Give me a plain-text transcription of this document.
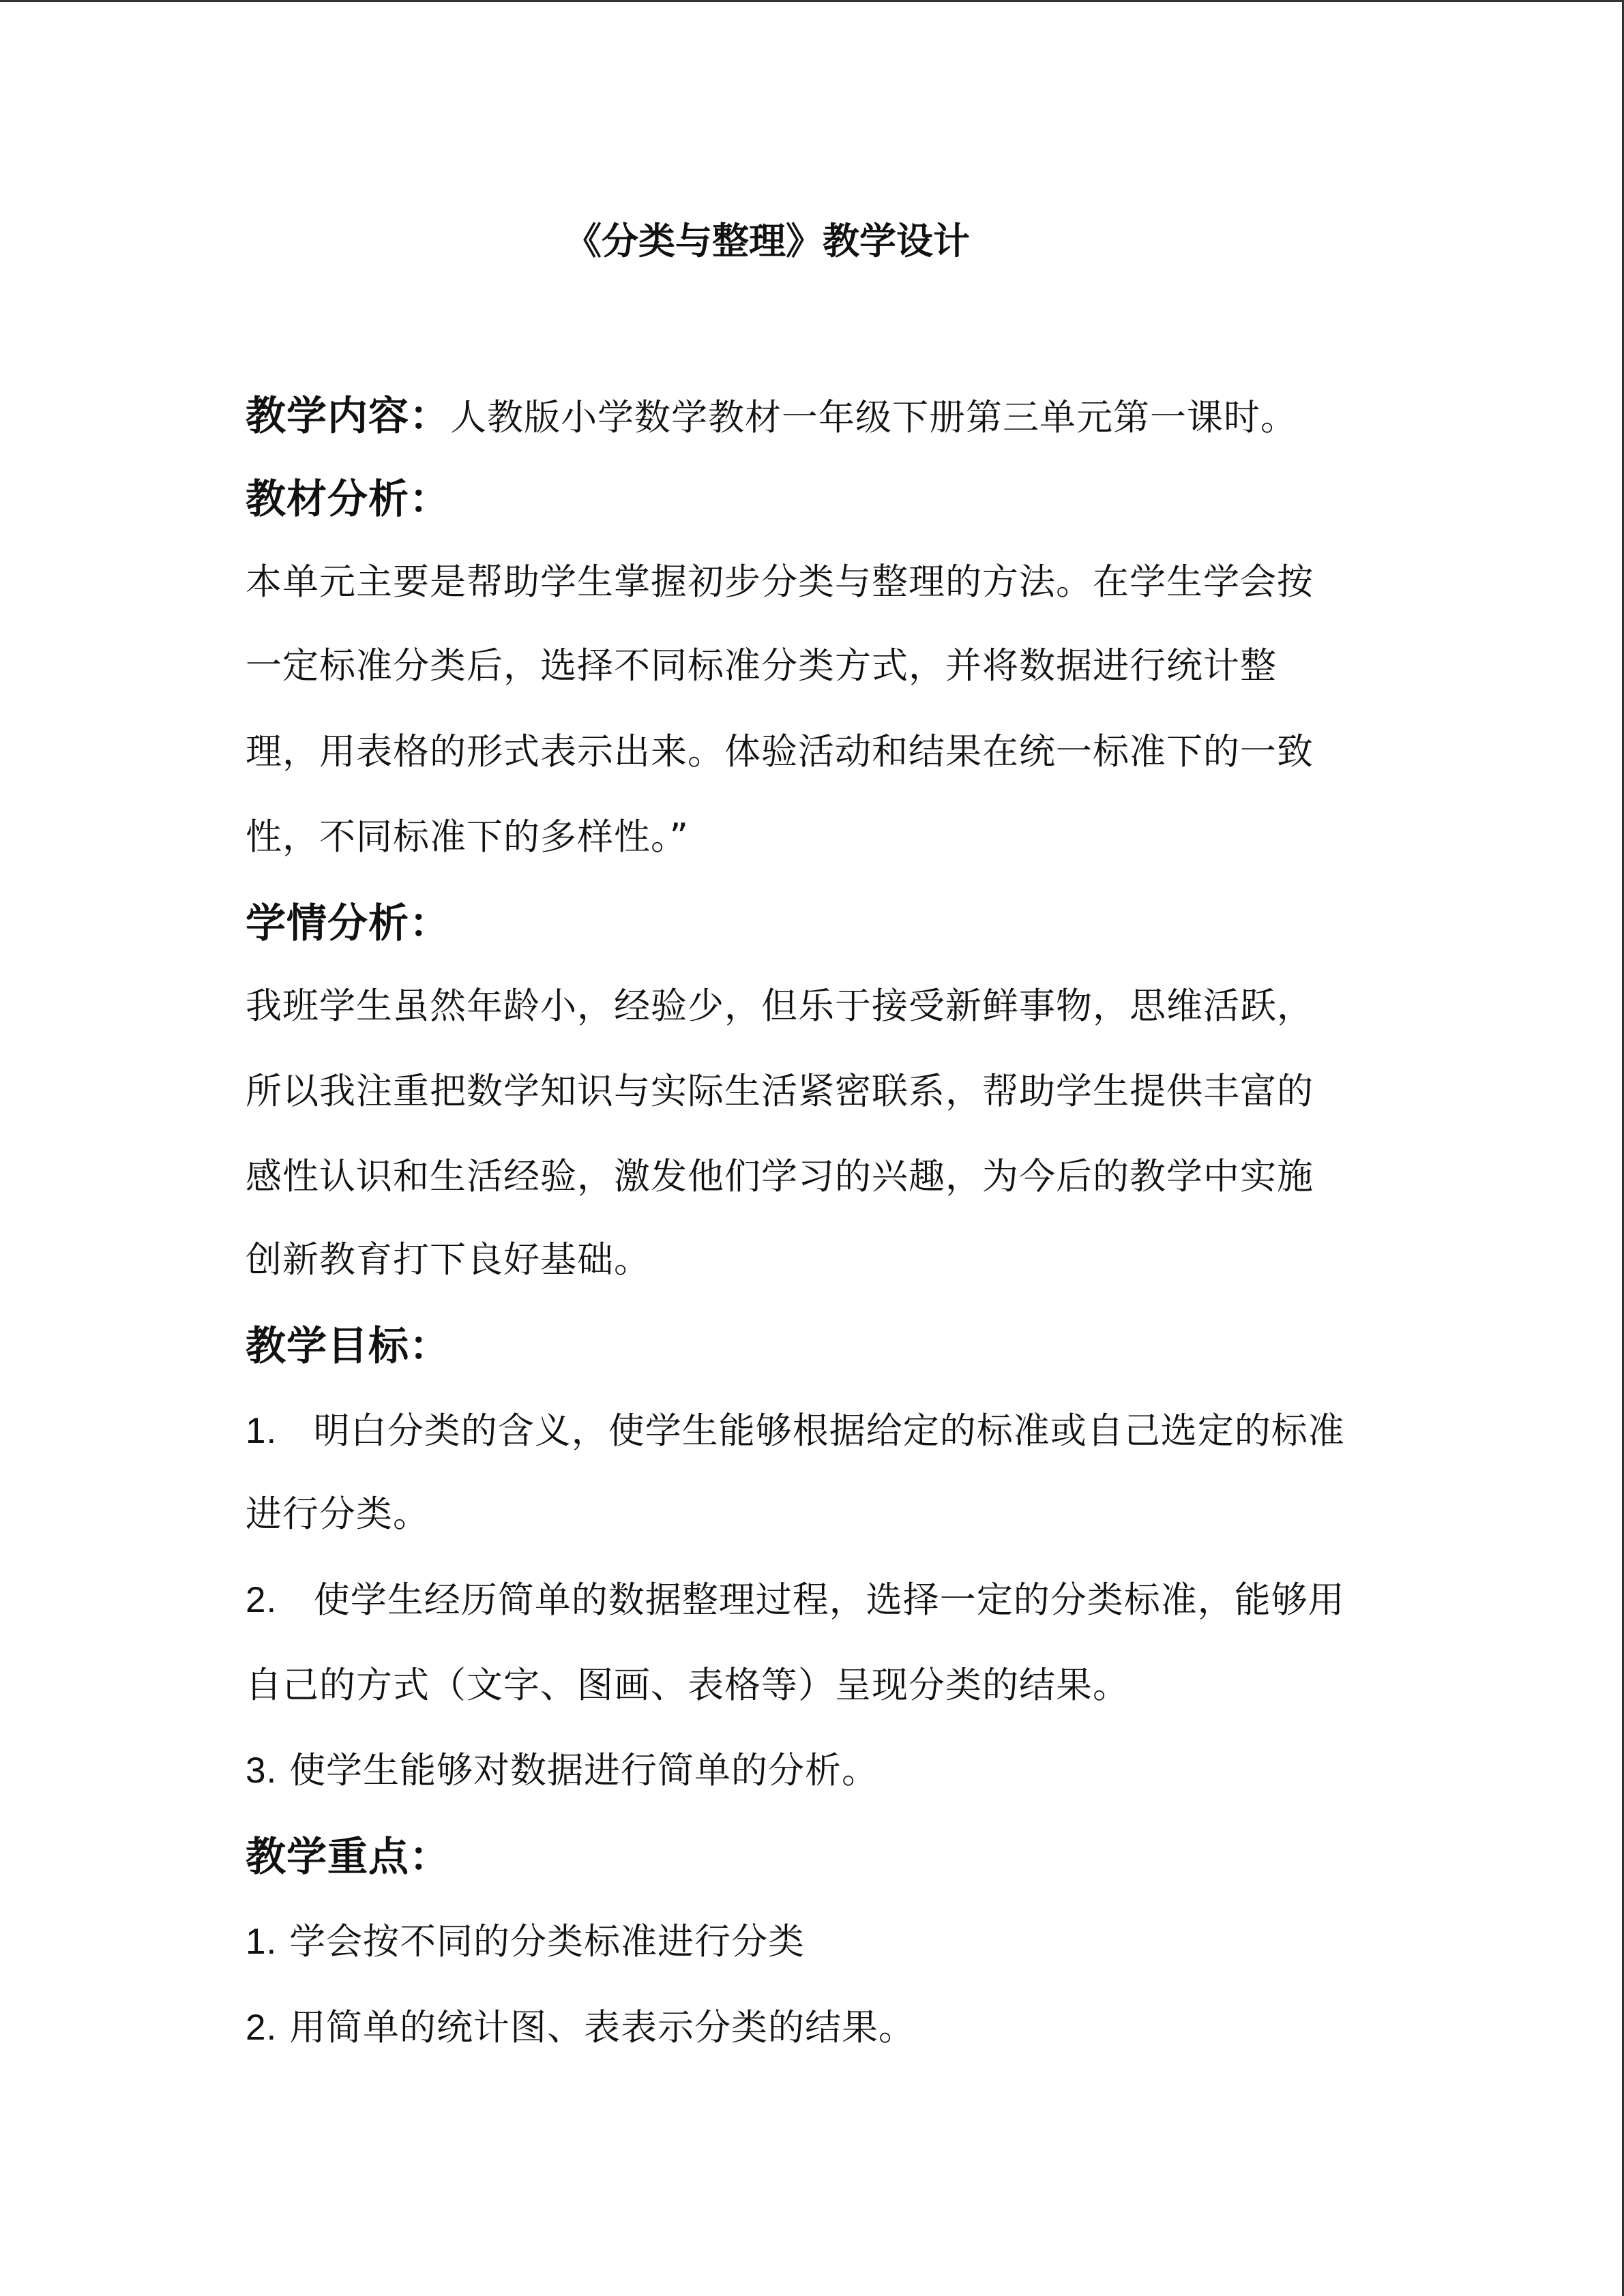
《分类与整理》教学设计
教学内容：人教版小学数学教材一年级下册第三单元第一课时。
教材分析：
本单元主要是帮助学生掌握初步分类与整理的方法。在学生学会按
一定标准分类后，选择不同标准分类方式，并将数据进行统计整
理，用表格的形式表示出来。体验活动和结果在统一标准下的一致
性，不同标准下的多样性。”
学情分析：
我班学生虽然年龄小，经验少，但乐于接受新鲜事物，思维活跃，
所以我注重把数学知识与实际生活紧密联系，帮助学生提供丰富的
感性认识和生活经验，激发他们学习的兴趣，为今后的教学中实施
创新教育打下良好基础。
教学目标：
1. 明白分类的含义，使学生能够根据给定的标准或自己选定的标准
进行分类。
2. 使学生经历简单的数据整理过程，选择一定的分类标准，能够用
自己的方式（文字、图画、表格等）呈现分类的结果。
3. 使学生能够对数据进行简单的分析。
教学重点：
1. 学会按不同的分类标准进行分类
2. 用简单的统计图、表表示分类的结果。
